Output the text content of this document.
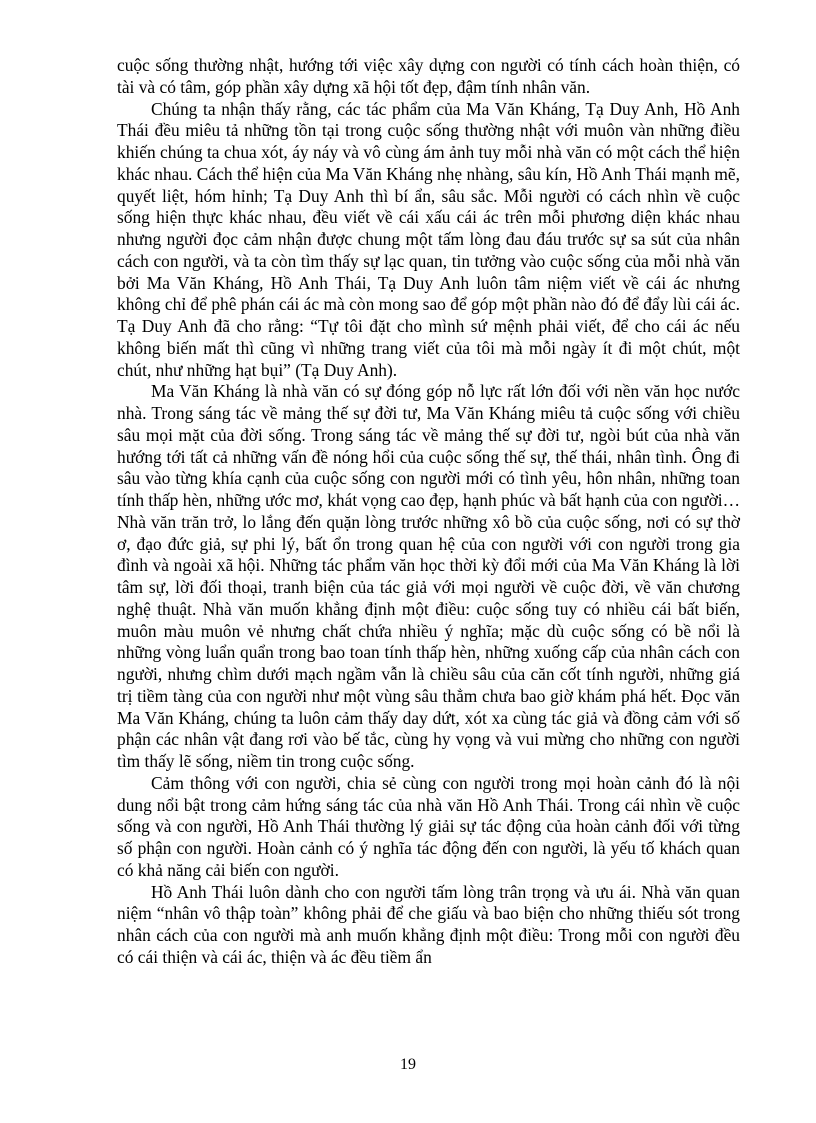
cuộc sống thường nhật, hướng tới việc xây dựng con người có tính cách hoàn thiện, có tài và có tâm, góp phần xây dựng xã hội tốt đẹp, đậm tính nhân văn.

Chúng ta nhận thấy rằng, các tác phẩm của Ma Văn Kháng, Tạ Duy Anh, Hồ Anh Thái đều miêu tả những tồn tại trong cuộc sống thường nhật với muôn vàn những điều khiến chúng ta chua xót, áy náy và vô cùng ám ảnh tuy mỗi nhà văn có một cách thể hiện khác nhau. Cách thể hiện của Ma Văn Kháng nhẹ nhàng, sâu kín, Hồ Anh Thái mạnh mẽ, quyết liệt, hóm hỉnh; Tạ Duy Anh thì bí ẩn, sâu sắc. Mỗi người có cách nhìn về cuộc sống hiện thực khác nhau, đều viết về cái xấu cái ác trên mỗi phương diện khác nhau nhưng người đọc cảm nhận được chung một tấm lòng đau đáu trước sự sa sút của nhân cách con người, và ta còn tìm thấy sự lạc quan, tin tưởng vào cuộc sống của mỗi nhà văn bởi Ma Văn Kháng, Hồ Anh Thái, Tạ Duy Anh luôn tâm niệm viết về cái ác nhưng không chỉ để phê phán cái ác mà còn mong sao để góp một phần nào đó để đẩy lùi cái ác. Tạ Duy Anh đã cho rằng: “Tự tôi đặt cho mình sứ mệnh phải viết, để cho cái ác nếu không biến mất thì cũng vì những trang viết của tôi mà mỗi ngày ít đi một chút, một chút, như những hạt bụi” (Tạ Duy Anh).

Ma Văn Kháng là nhà văn có sự đóng góp nỗ lực rất lớn đối với nền văn học nước nhà. Trong sáng tác về mảng thế sự đời tư, Ma Văn Kháng miêu tả cuộc sống với chiều sâu mọi mặt của đời sống. Trong sáng tác về mảng thế sự đời tư, ngòi bút của nhà văn hướng tới tất cả những vấn đề nóng hổi của cuộc sống thế sự, thế thái, nhân tình. Ông đi sâu vào từng khía cạnh của cuộc sống con người mới có tình yêu, hôn nhân, những toan tính thấp hèn, những ước mơ, khát vọng cao đẹp, hạnh phúc và bất hạnh của con người…Nhà văn trăn trở, lo lắng đến quặn lòng trước những xô bồ của cuộc sống, nơi có sự thờ ơ, đạo đức giả, sự phi lý, bất ổn trong quan hệ của con người với con người trong gia đình và ngoài xã hội. Những tác phẩm văn học thời kỳ đổi mới của Ma Văn Kháng là lời tâm sự, lời đối thoại, tranh biện của tác giả với mọi người về cuộc đời, về văn chương nghệ thuật. Nhà văn muốn khẳng định một điều: cuộc sống tuy có nhiều cái bất biến, muôn màu muôn vẻ nhưng chất chứa nhiều ý nghĩa; mặc dù cuộc sống có bề nổi là những vòng luẩn quẩn trong bao toan tính thấp hèn, những xuống cấp của nhân cách con người, nhưng chìm dưới mạch ngầm vẫn là chiều sâu của căn cốt tính người, những giá trị tiềm tàng của con người như một vùng sâu thẳm chưa bao giờ khám phá hết. Đọc văn Ma Văn Kháng, chúng ta luôn cảm thấy day dứt, xót xa cùng tác giả và đồng cảm với số phận các nhân vật đang rơi vào bế tắc, cùng hy vọng và vui mừng cho những con người tìm thấy lẽ sống, niềm tin trong cuộc sống.

Cảm thông với con người, chia sẻ cùng con người trong mọi hoàn cảnh đó là nội dung nổi bật trong cảm hứng sáng tác của nhà văn Hồ Anh Thái. Trong cái nhìn về cuộc sống và con người, Hồ Anh Thái thường lý giải sự tác động của hoàn cảnh đối với từng số phận con người. Hoàn cảnh có ý nghĩa tác động đến con người, là yếu tố khách quan có khả năng cải biến con người.

Hồ Anh Thái luôn dành cho con người tấm lòng trân trọng và ưu ái. Nhà văn quan niệm “nhân vô thập toàn” không phải để che giấu và bao biện cho những thiếu sót trong nhân cách của con người mà anh muốn khẳng định một điều: Trong mỗi con người đều có cái thiện và cái ác, thiện và ác đều tiềm ẩn

19
